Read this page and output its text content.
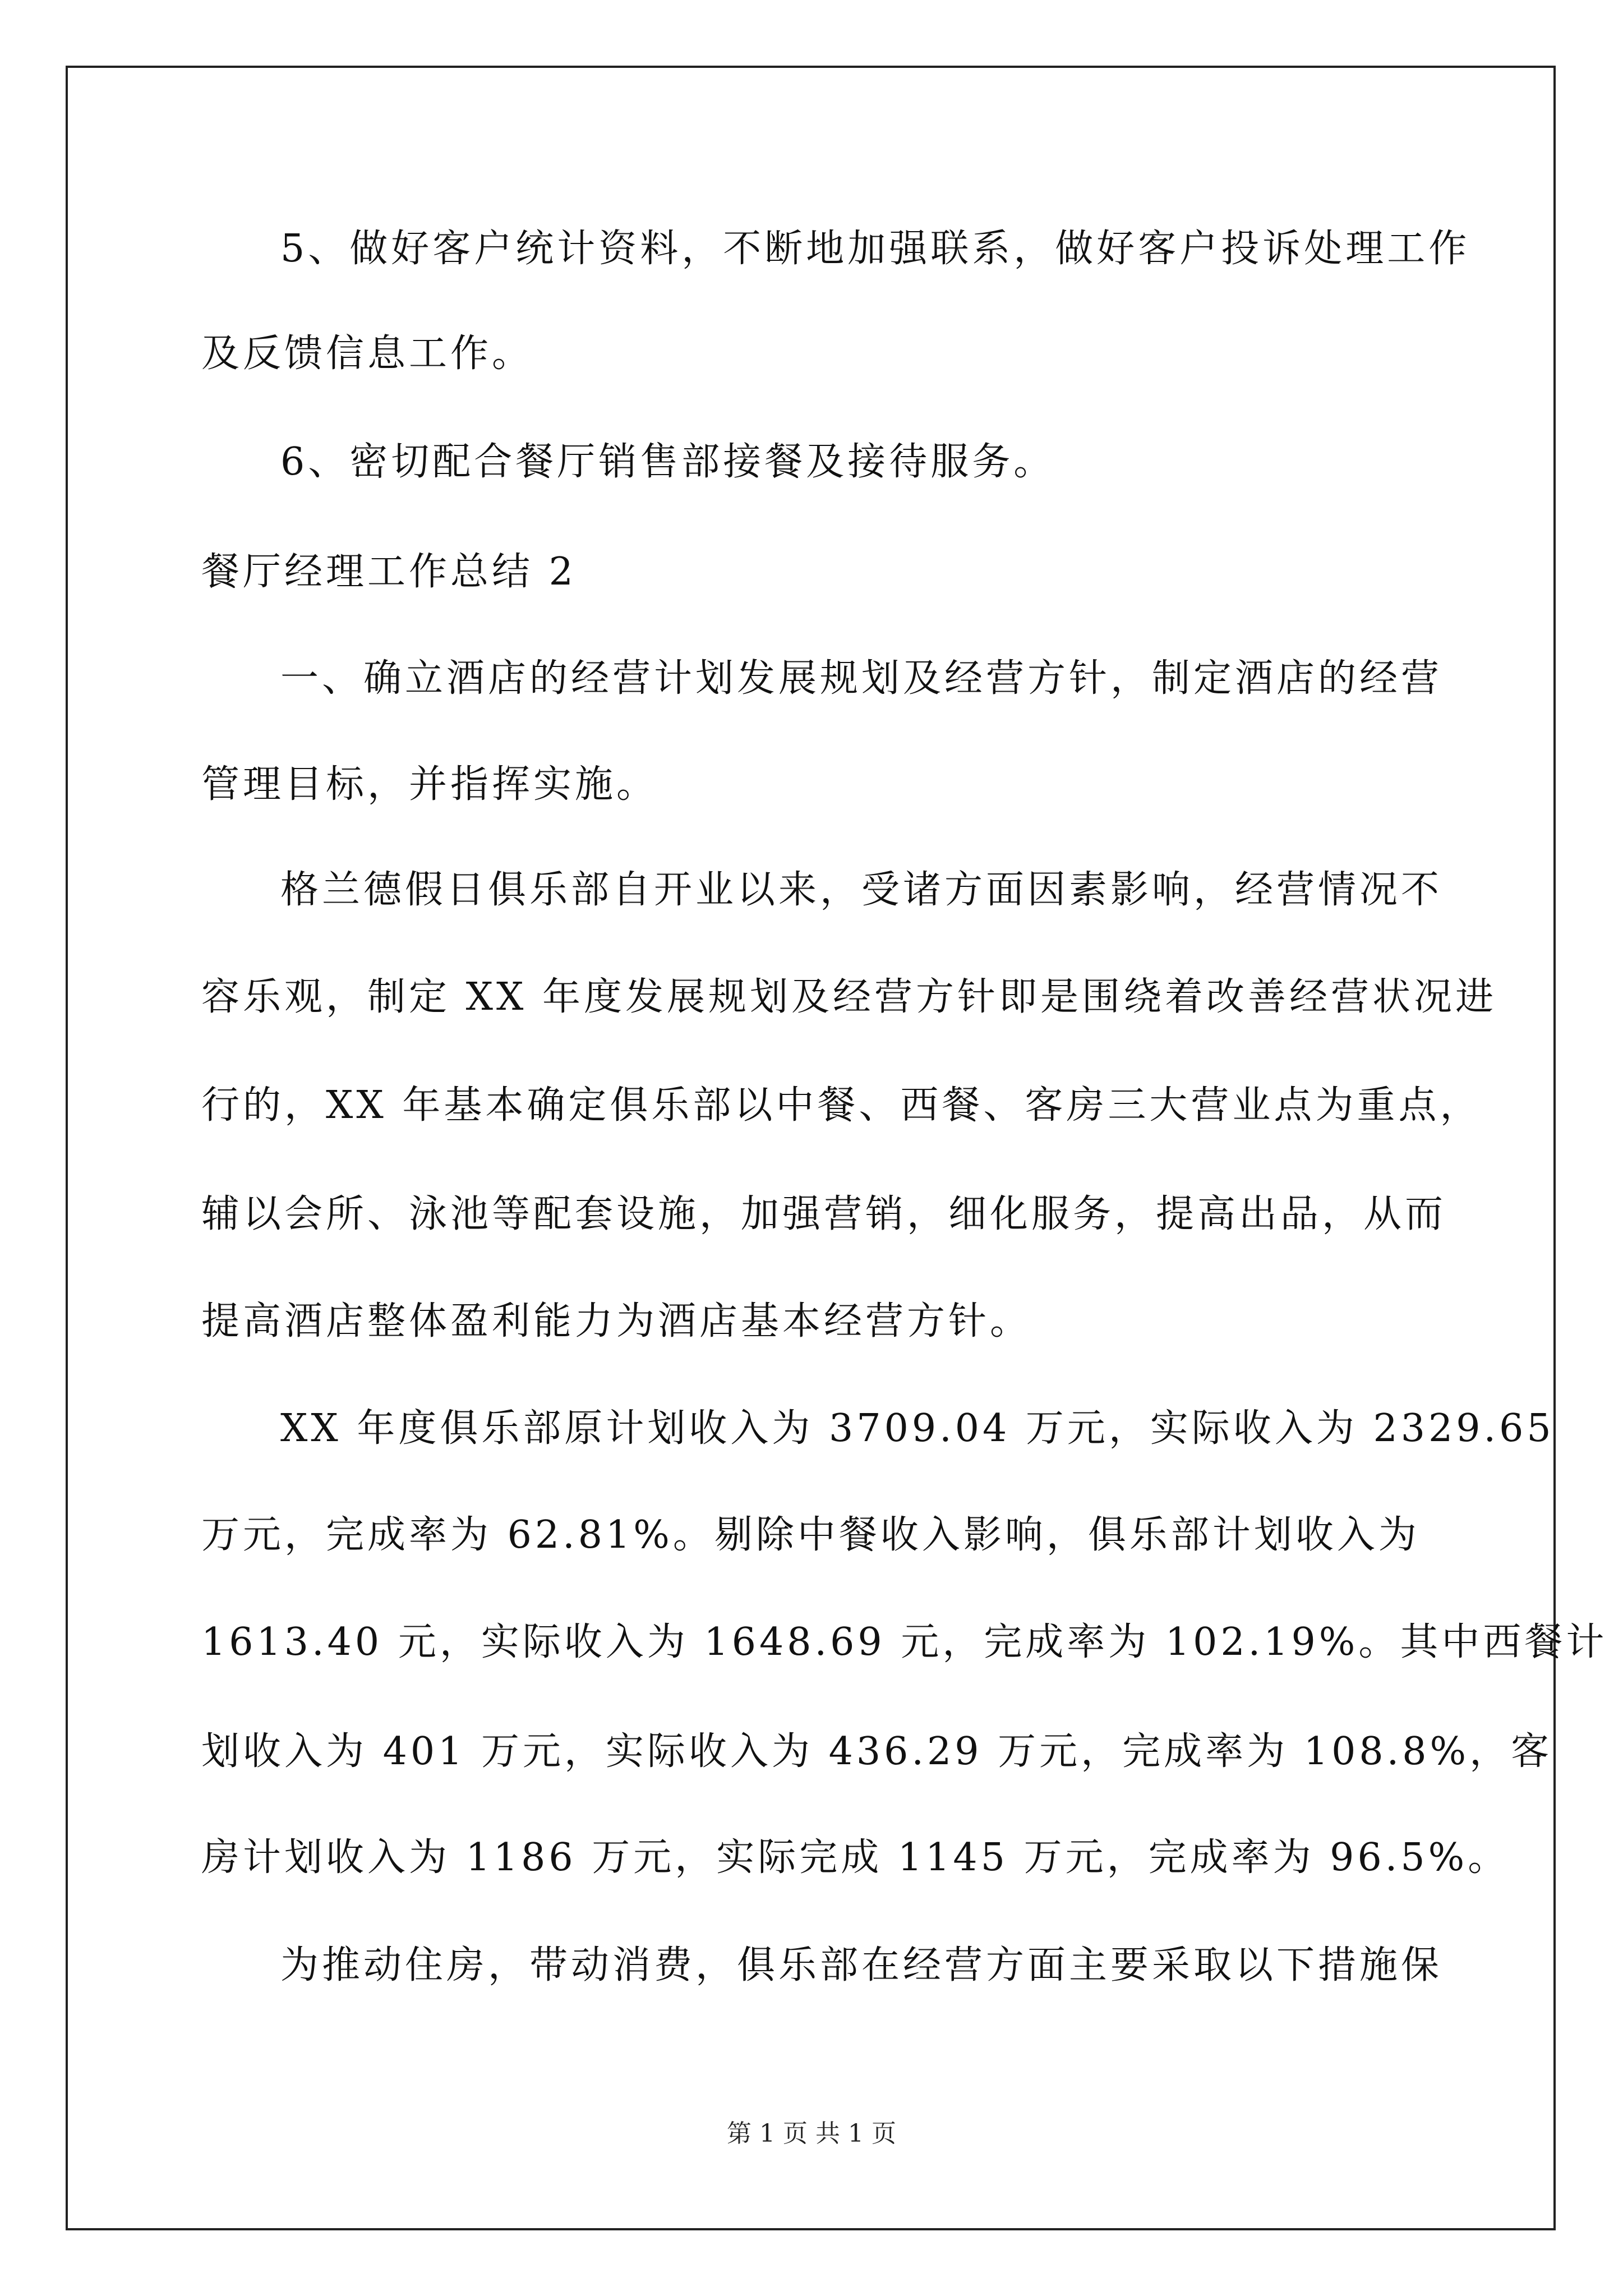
5、做好客户统计资料，不断地加强联系，做好客户投诉处理工作
及反馈信息工作。
6、密切配合餐厅销售部接餐及接待服务。
餐厅经理工作总结 2
一、确立酒店的经营计划发展规划及经营方针，制定酒店的经营
管理目标，并指挥实施。
格兰德假日俱乐部自开业以来，受诸方面因素影响，经营情况不
容乐观，制定 XX 年度发展规划及经营方针即是围绕着改善经营状况进
行的，XX 年基本确定俱乐部以中餐、西餐、客房三大营业点为重点，
辅以会所、泳池等配套设施，加强营销，细化服务，提高出品，从而
提高酒店整体盈利能力为酒店基本经营方针。
XX 年度俱乐部原计划收入为 3709.04 万元，实际收入为 2329.65
万元，完成率为 62.81%。剔除中餐收入影响，俱乐部计划收入为
1613.40 元，实际收入为 1648.69 元，完成率为 102.19%。其中西餐计
划收入为 401 万元，实际收入为 436.29 万元，完成率为 108.8%，客
房计划收入为 1186 万元，实际完成 1145 万元，完成率为 96.5%。
为推动住房，带动消费，俱乐部在经营方面主要采取以下措施保
第 1 页 共 1 页
